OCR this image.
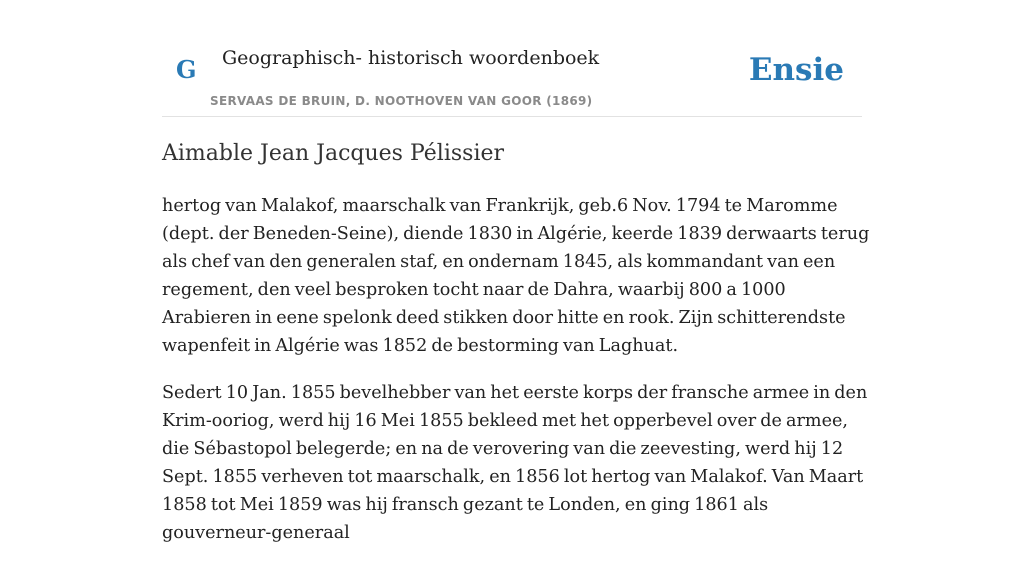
G Geographisch- historisch woordenboek
SERVAAS DE BRUIN, D. NOOTHOVEN VAN GOOR (1869)
Ensie
Aimable Jean Jacques Pélissier

hertog van Malakof, maarschalk van Frankrijk, geb.6 Nov. 1794 te Maromme (dept. der Beneden-Seine), diende 1830 in Algérie, keerde 1839 derwaarts terug als chef van den generalen staf, en ondernam 1845, als kommandant van een regement, den veel besproken tocht naar de Dahra, waarbij 800 a 1000 Arabieren in eene spelonk deed stikken door hitte en rook. Zijn schitterendste wapenfeit in Algérie was 1852 de bestorming van Laghuat.

Sedert 10 Jan. 1855 bevelhebber van het eerste korps der fransche armee in den Krim-ooriog, werd hij 16 Mei 1855 bekleed met het opperbevel over de armee, die Sébastopol belegerde; en na de verovering van die zeevesting, werd hij 12 Sept. 1855 verheven tot maarschalk, en 1856 lot hertog van Malakof. Van Maart 1858 tot Mei 1859 was hij fransch gezant te Londen, en ging 1861 als gouverneur-generaal
